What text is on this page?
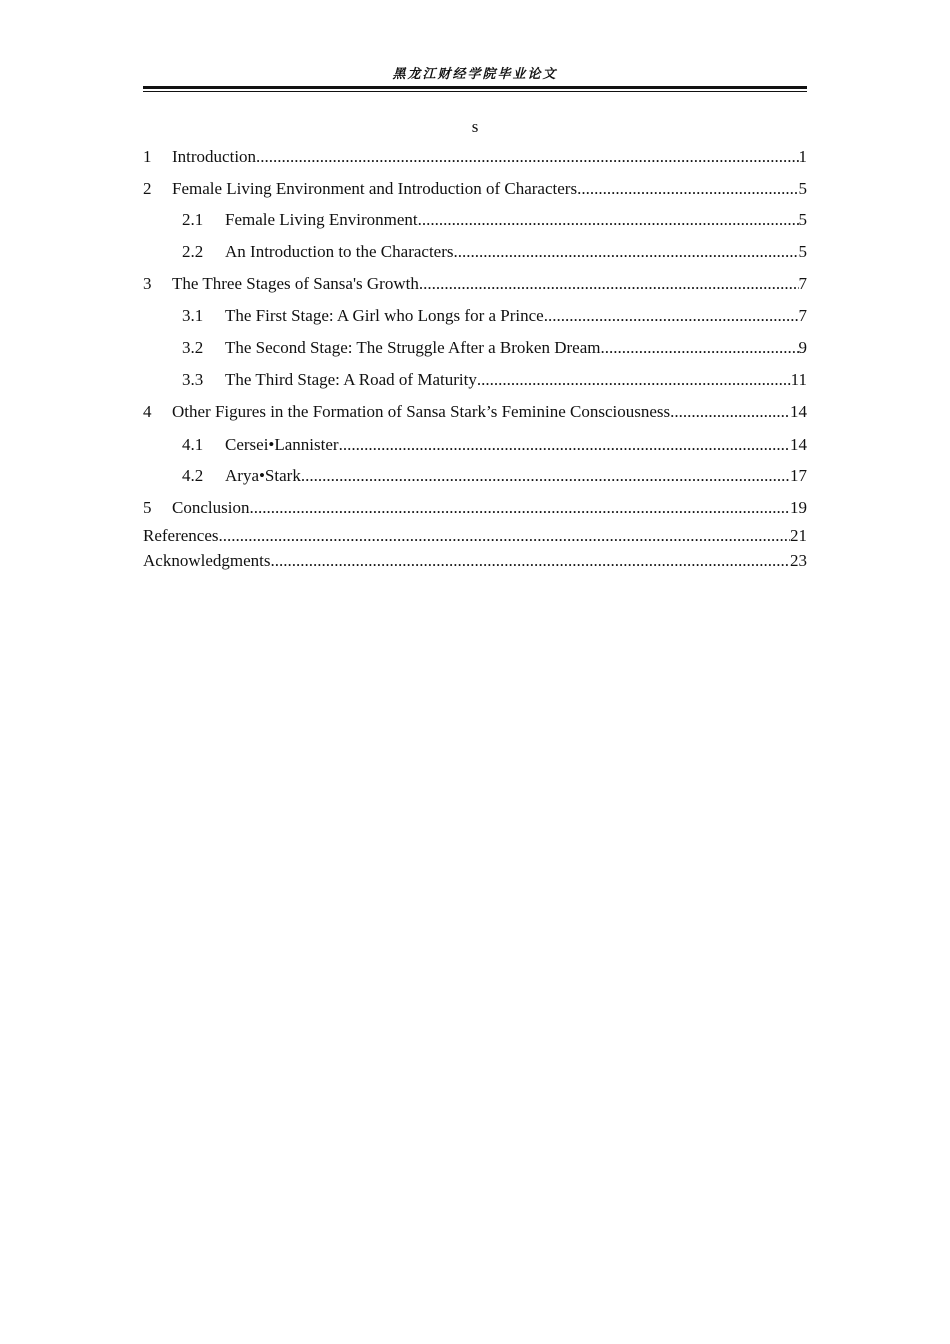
黑龙江财经学院毕业论文
s
1	Introduction .....	1
2	Female Living Environment and Introduction of Characters .....	5
2.1	Female Living Environment .....	5
2.2	An Introduction to the Characters .....	5
3	The Three Stages of Sansa's Growth .....	7
3.1	The First Stage: A Girl who Longs for a Prince .....	7
3.2	The Second Stage: The Struggle After a Broken Dream .....	9
3.3	The Third Stage: A Road of Maturity .....	11
4	Other Figures in the Formation of Sansa Stark’s Feminine Consciousness .....	14
4.1	Cersei•Lannister .....	14
4.2	Arya•Stark .....	17
5	Conclusion .....	19
References .....	21
Acknowledgments .....	23
